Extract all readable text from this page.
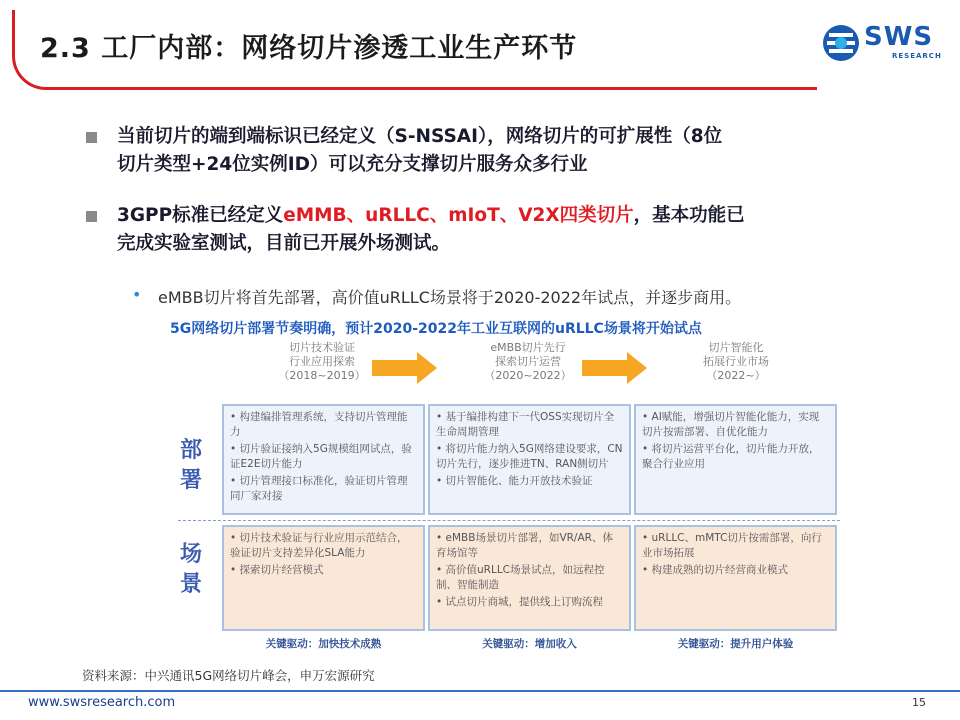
2.3 工厂内部：网络切片渗透工业生产环节	SWS
RESEARCH
当前切片的端到端标识已经定义（S-NSSAI），网络切片的可扩展性（8位
切片类型+24位实例ID）可以充分支撑切片服务众多行业
3GPP标准已经定义eMMB、uRLLC、mIoT、V2X四类切片，基本功能已
完成实验室测试，目前已开展外场测试。
• eMBB切片将首先部署，高价值uRLLC场景将于2020-2022年试点，并逐步商用。
5G网络切片部署节奏明确，预计2020-2022年工业互联网的uRLLC场景将开始试点
切片技术验证
行业应用探索
（2018~2019）
eMBB切片先行
探索切片运营
（2020~2022）
切片智能化
拓展行业市场
（2022~）
部
署
场
景
• 构建编排管理系统，支持切片管理能力
• 切片验证接纳入5G规模组网试点，验证E2E切片能力
• 切片管理接口标准化，验证切片管理同厂家对接
• 基于编排构建下一代OSS实现切片全生命周期管理
• 将切片能力纳入5G网络建设要求，CN切片先行，逐步推进TN、RAN侧切片
• 切片智能化、能力开放技术验证
• AI赋能，增强切片智能化能力，实现切片按需部署、自优化能力
• 将切片运营平台化，切片能力开放，聚合行业应用
• 切片技术验证与行业应用示范结合，验证切片支持差异化SLA能力
• 探索切片经营模式
• eMBB场景切片部署，如VR/AR、体育场馆等
• 高价值uRLLC场景试点，如远程控制、智能制造
• 试点切片商城，提供线上订购流程
• uRLLC、mMTC切片按需部署，向行业市场拓展
• 构建成熟的切片经营商业模式
关键驱动：加快技术成熟	关键驱动：增加收入	关键驱动：提升用户体验
资料来源：中兴通讯5G网络切片峰会，申万宏源研究
www.swsresearch.com	15
